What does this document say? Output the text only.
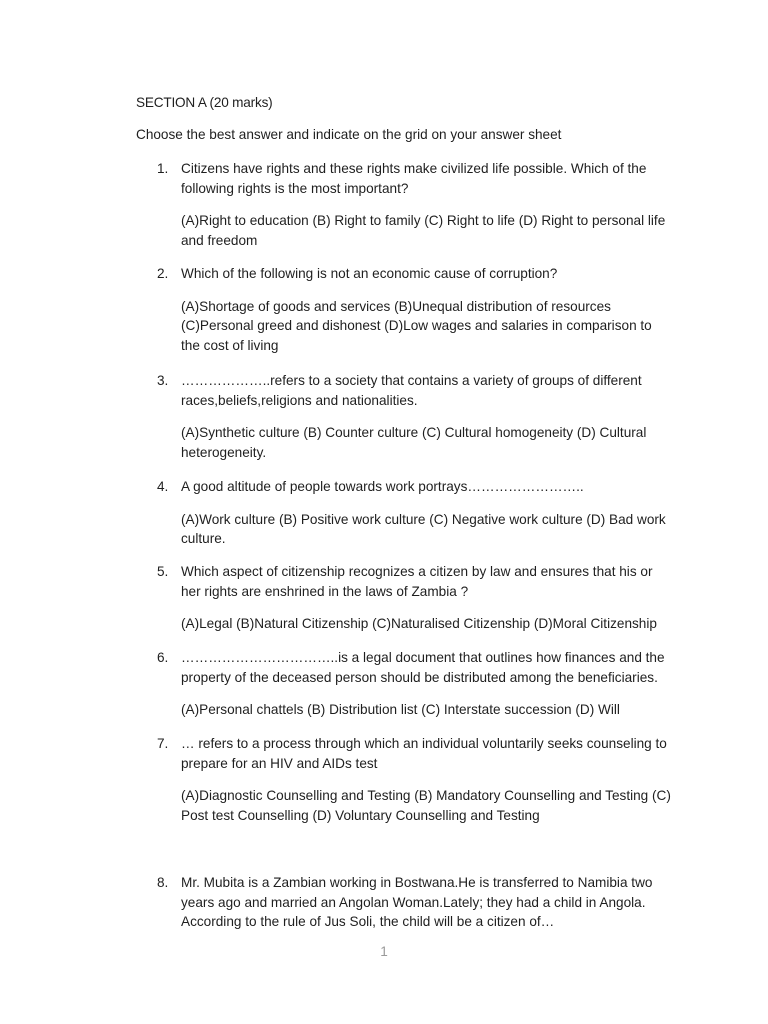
SECTION A (20 marks)
Choose the best answer and indicate on the grid on your answer sheet
1. Citizens have rights and these rights make civilized life possible. Which of the
following rights is the most important?
(A)Right to education (B) Right to family (C) Right to life (D) Right to personal life
and freedom
2. Which of the following is not an economic cause of corruption?
(A)Shortage of goods and services (B)Unequal distribution of resources
(C)Personal greed and dishonest (D)Low wages and salaries in comparison to
the cost of living
3. ………………..refers to a society that contains a variety of groups of different
races,beliefs,religions and nationalities.
(A)Synthetic culture (B) Counter culture (C) Cultural homogeneity (D) Cultural
heterogeneity.
4. A good altitude of people towards work portrays……………………..
(A)Work culture (B) Positive work culture (C) Negative work culture (D) Bad work
culture.
5. Which aspect of citizenship recognizes a citizen by law and ensures that his or
her rights are enshrined in the laws of Zambia ?
(A)Legal (B)Natural Citizenship (C)Naturalised Citizenship (D)Moral Citizenship
6. ……………………………..is a legal document that outlines how finances and the
property of the deceased person should be distributed among the beneficiaries.
(A)Personal chattels (B) Distribution list (C) Interstate succession (D) Will
7. … refers to a process through which an individual voluntarily seeks counseling to
prepare for an HIV and AIDs test
(A)Diagnostic Counselling and Testing (B) Mandatory Counselling and Testing (C)
Post test Counselling (D) Voluntary Counselling and Testing
8. Mr. Mubita is a Zambian working in Bostwana.He is transferred to Namibia two
years ago and married an Angolan Woman.Lately; they had a child in Angola.
According to the rule of Jus Soli, the child will be a citizen of…
1
